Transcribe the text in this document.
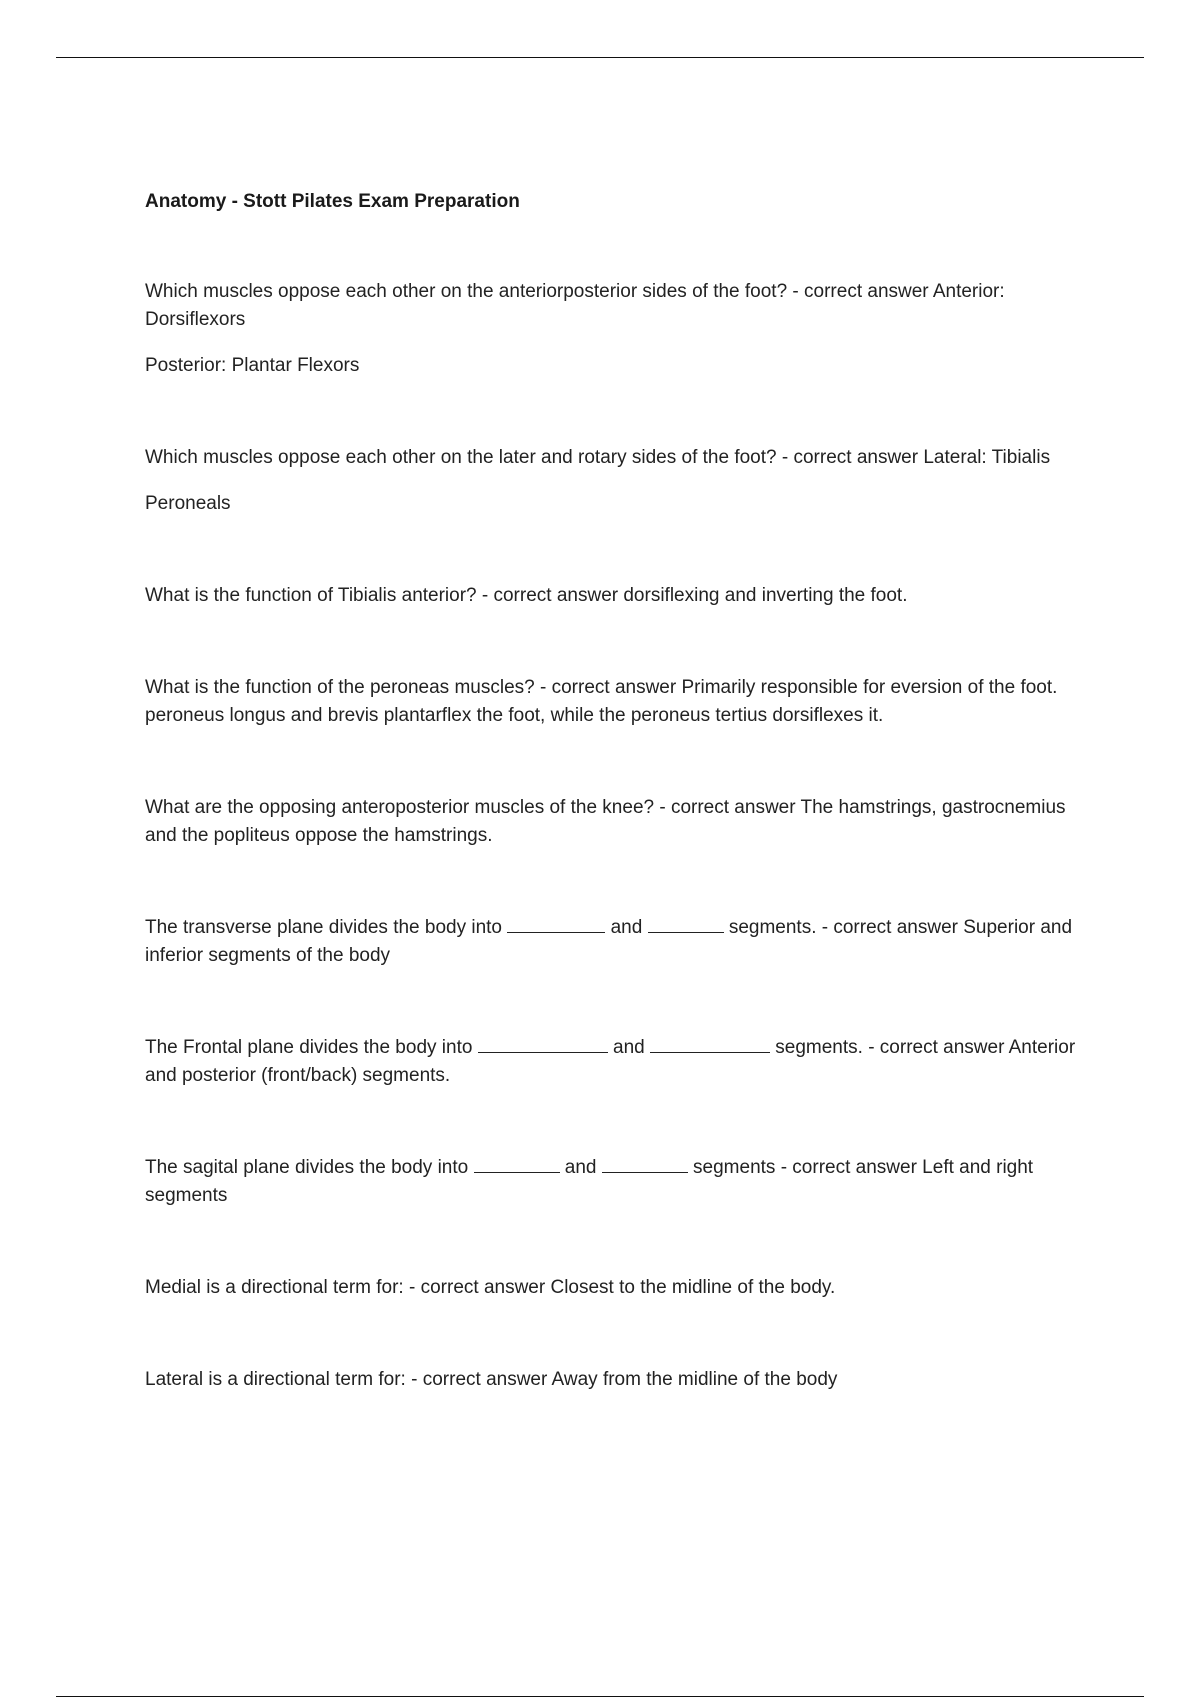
Anatomy - Stott Pilates Exam Preparation

Which muscles oppose each other on the anteriorposterior sides of the foot? - correct answer Anterior: Dorsiflexors

Posterior: Plantar Flexors

Which muscles oppose each other on the later and rotary sides of the foot? - correct answer Lateral: Tibialis

Peroneals

What is the function of Tibialis anterior? - correct answer dorsiflexing and inverting the foot.

What is the function of the peroneas muscles? - correct answer Primarily responsible for eversion of the foot. peroneus longus and brevis plantarflex the foot, while the peroneus tertius dorsiflexes it.

What are the opposing anteroposterior muscles of the knee? - correct answer The hamstrings, gastrocnemius and the popliteus oppose the hamstrings.

The transverse plane divides the body into	and	segments. - correct answer Superior and inferior segments of the body

The Frontal plane divides the body into	and	segments. - correct answer Anterior and posterior (front/back) segments.

The sagital plane divides the body into	and	segments - correct answer Left and right segments

Medial is a directional term for: - correct answer Closest to the midline of the body.

Lateral is a directional term for: - correct answer Away from the midline of the body
